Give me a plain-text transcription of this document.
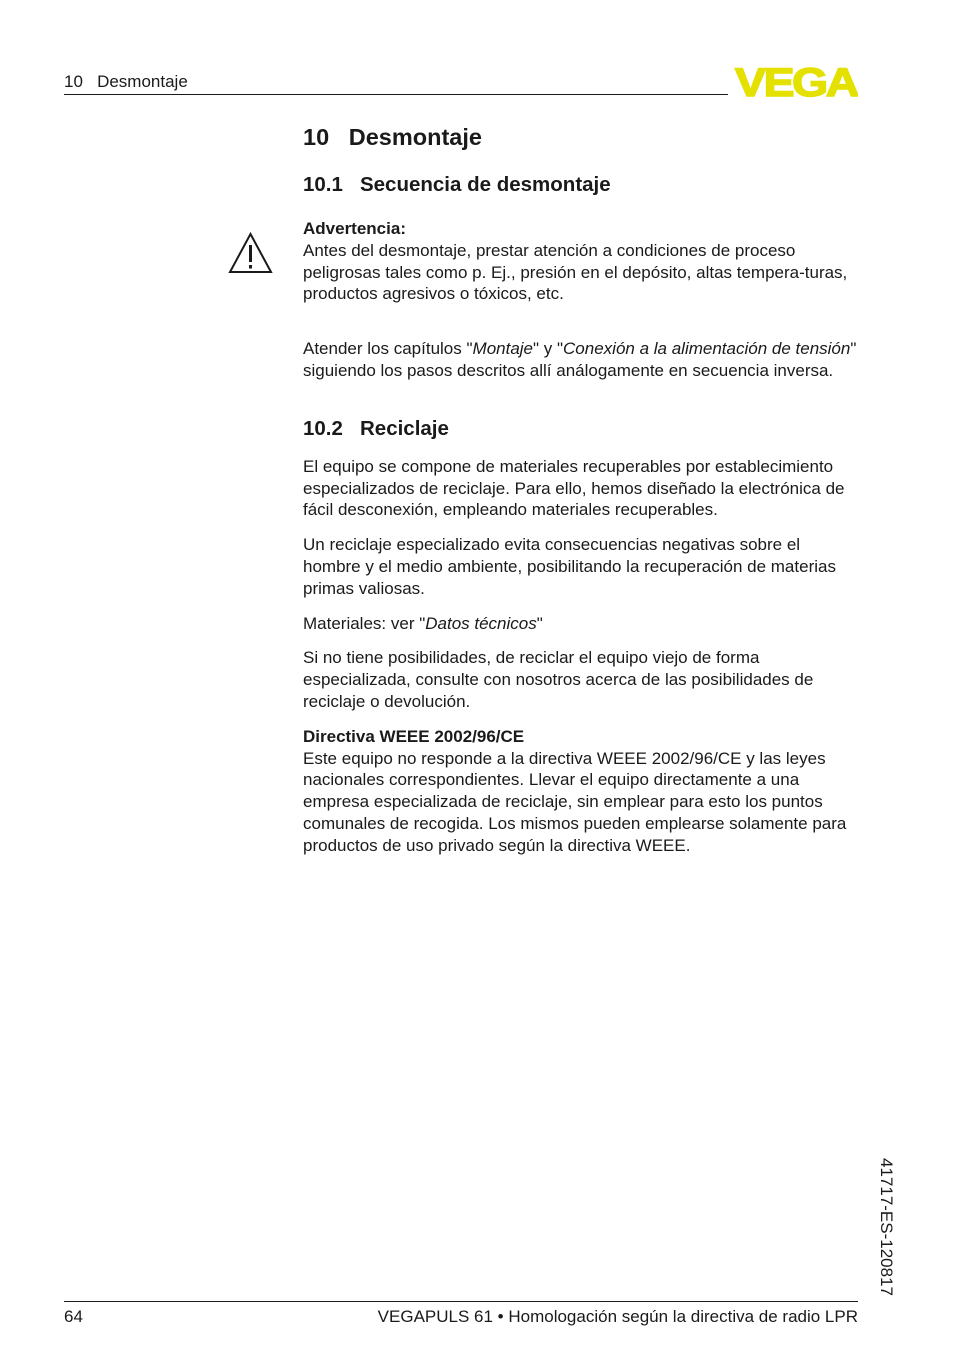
10   Desmontaje	VEGA
10   Desmontaje
10.1   Secuencia de desmontaje

Advertencia:

Antes del desmontaje, prestar atención a condiciones de proceso peligrosas tales como p. Ej., presión en el depósito, altas tempera-turas, productos agresivos o tóxicos, etc.

Atender los capítulos "Montaje" y "Conexión a la alimentación de tensión" siguiendo los pasos descritos allí análogamente en secuencia inversa.

10.2   Reciclaje

El equipo se compone de materiales recuperables por establecimiento especializados de reciclaje. Para ello, hemos diseñado la electrónica de fácil desconexión, empleando materiales recuperables.

Un reciclaje especializado evita consecuencias negativas sobre el hombre y el medio ambiente, posibilitando la recuperación de materias primas valiosas.

Materiales: ver "Datos técnicos"

Si no tiene posibilidades, de reciclar el equipo viejo de forma especializada, consulte con nosotros acerca de las posibilidades de reciclaje o devolución.

Directiva WEEE 2002/96/CE

Este equipo no responde a la directiva WEEE 2002/96/CE y las leyes nacionales correspondientes. Llevar el equipo directamente a una empresa especializada de reciclaje, sin emplear para esto los puntos comunales de recogida. Los mismos pueden emplearse solamente para productos de uso privado según la directiva WEEE.

41717-ES-120817
64	VEGAPULS 61 • Homologación según la directiva de radio LPR
